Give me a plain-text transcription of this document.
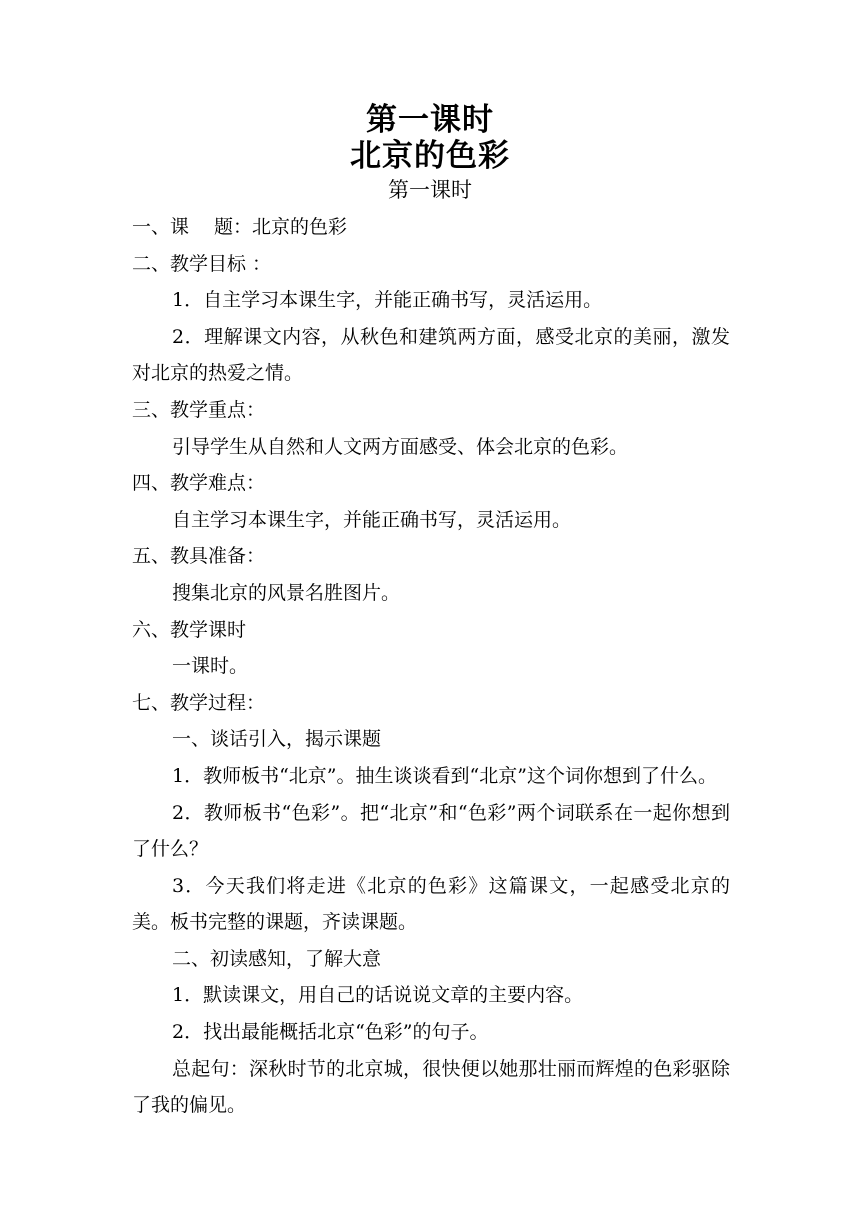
第一课时
北京的色彩
第一课时
一、课　 题：北京的色彩
二、教学目标 ：
1．自主学习本课生字，并能正确书写，灵活运用。
2．理解课文内容，从秋色和建筑两方面，感受北京的美丽，激发对北京的热爱之情。
三、教学重点：
引导学生从自然和人文两方面感受、体会北京的色彩。
四、教学难点：
自主学习本课生字，并能正确书写，灵活运用。
五、教具准备：
搜集北京的风景名胜图片。
六、教学课时
一课时。
七、教学过程：
一、谈话引入，揭示课题
1．教师板书“北京”。抽生谈谈看到“北京”这个词你想到了什么。
2．教师板书“色彩”。把“北京”和“色彩”两个词联系在一起你想到了什么？
3．今天我们将走进《北京的色彩》这篇课文，一起感受北京的美。板书完整的课题，齐读课题。
二、初读感知，了解大意
1．默读课文，用自己的话说说文章的主要内容。
2．找出最能概括北京“色彩”的句子。
总起句：深秋时节的北京城，很快便以她那壮丽而辉煌的色彩驱除了我的偏见。
